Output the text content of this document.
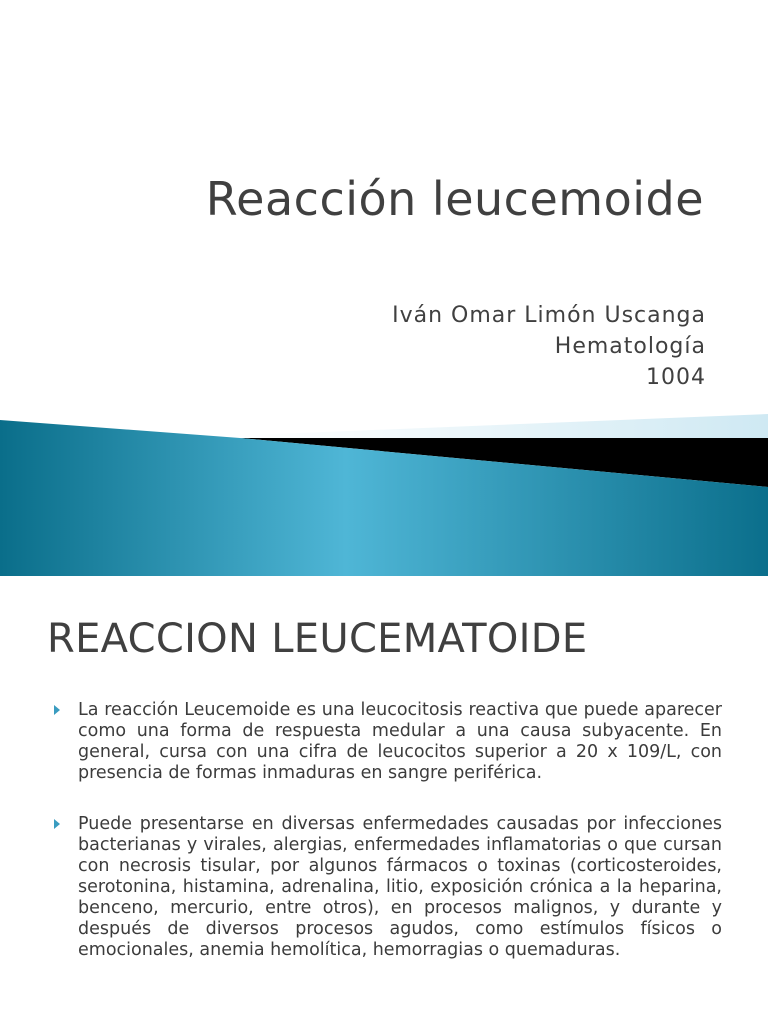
Reacción leucemoide
Iván Omar Limón Uscanga
Hematología
1004
REACCION LEUCEMATOIDE
La reacción Leucemoide es una leucocitosis reactiva que puede aparecer como una forma de respuesta medular a una causa subyacente. En general, cursa con una cifra de leucocitos superior a 20 x 109/L, con presencia de formas inmaduras en sangre periférica.
Puede presentarse en diversas enfermedades causadas por infecciones bacterianas y virales, alergias, enfermedades inflamatorias o que cursan con necrosis tisular, por algunos fármacos o toxinas (corticosteroides, serotonina, histamina, adrenalina, litio, exposición crónica a la heparina, benceno, mercurio, entre otros), en procesos malignos, y durante y después de diversos procesos agudos, como estímulos físicos o emocionales, anemia hemolítica, hemorragias o quemaduras.
